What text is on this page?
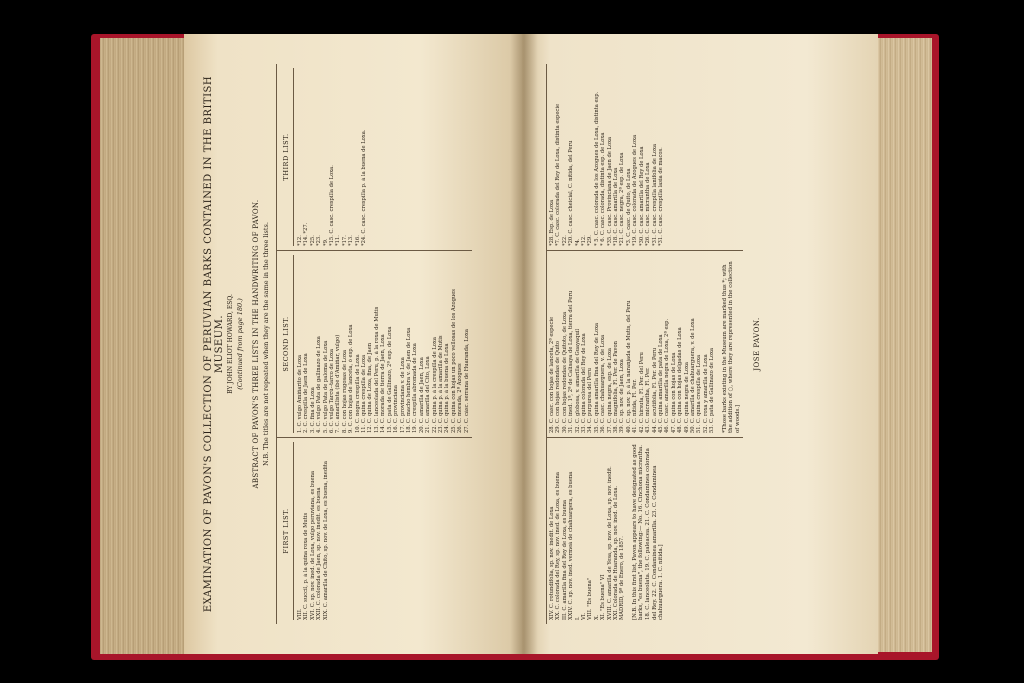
EXAMINATION OF PAVON'S COLLECTION OF PERUVIAN BARKS CONTAINED IN THE BRITISH MUSEUM. BY JOHN ELIOT HOWARD, ESQ. (Continued from page 180.) ABSTRACT OF PAVON'S THREE LISTS IN THE HANDWRITING OF PAVON. N.B. The titles are not repeated when they are the same in the three lists.
FIRST LIST.
VIII. XII. C. succil, p. á la quina roxa de Mutis XVI. C. sp. nov. ined. de Loxa, vulgo peruviana, es buena XXII. C. colorada de Jaen, sp. nov. inedit. es buena XIX. C. amarilla de Chito, sp. nov. de Loxa, es buena, inedita
SECOND LIST.
1. C. vulgo Amiñarito de Loxa 2. C. crespilla de Jaen de Loxa 3. C. fina de Loxa 4. C. vulgo Pata de gallinazo de Loxa 5. C. vulgo Pata de paloma de Loxa 6. C. vulgo Tarcú--tarco de Loxa 7. C. amarillista (ibé d'Amiñar, vulgo) 8. C. con hojas rugosas de Loxa 9. C. con hojas de lanceta, ó esp. de Loxa 10. C. negra crespilla de Loxa 11. C. quina crespilla de Loxa 12. C. quina de Loxa, fina, de Jaen 13. C. lanceolada del Peru, p. á la roxa de Mutis 14. C. morada de tierra de Jaen, Loxa 15. C. pata de Gallinazo, 2ª esp. de Loxa 16. C. provinciana 17. C. provinciana v. de Loxa 18. C. macho hembra v. de Jaen de Loxa 19. C. crespilla abromada de Loxa 20. C. amarilla de Jaen, Loxa 21. C. amarilla del Cito, Loxa 22. C. quina p. á la crespilla de Loxa 23. C. quina p. á la amarilla de Mutis 24. C. quina p. á la buena de Loxa 25. C. quina con hojas un poco vellosas de los Azogues 26. C. morada, 2ª Azogues 27. C. cásc. serrana de Huaranda, Loxa
THIRD LIST.
*12. *14. *27. *25. *23. *9. *15. C. casc. crespilla de Loxa. *11. *17. *13. *16. *24. C. casc. crespilla p. á la buena de Loxa.
XIV. C. rotundifolia, sp. nov. inedit. de Loxa XX. C. colorada del Rey, sp. nov. ined. de Loxa, es buena III. C. amarilla fina del Rey de Loxa, es buena XXIV. C. sp. nov. ined. vermeá de chahuargera, es buena I. VI. VIII. "Es buena" X. XI. "Es buena" VI XVIII. C. amarilla de Yesa, sp. nov. de Loxa, sp. nov. inedit. XXI. Colorada de Huaranda, sp. nov. ined. de Loxa. MADRID, 9ª de Enero, de 1857. [N.B. In this first list, Pavon appears to have designated as good barks, "es buena", the following:— No. 16. Cinchona micrantha. 18. C. lanceolata. 19. C. paleacea. 21. C. Condaminea colorada del Rey. 22. C. Condaminea amarilla. 23. C. Condaminea chahuarguera. 1. C. nitida.]
28. C. casc. con hojas de lanceta, 2ª especie 29. C. con hojas redondas de Quito 30. C. con hojas redondas de Quitoto, de Loxa 31. C. ined. 1ª, 2ª de Calisaya de Loxa, tierra del Peru 32. C. globosa, v. amarilla de Guayaquil 33. C. quina colorada del Rey de Loxa 34. C. purpurea del Peru 35. C. quina amarilla fina del Rey de Loxa 36. C. casc. chahuarguera, v. de Loxa 37. C. quina negra, esp. de Loxa 38. C. magnifolia, Fl. Per. de Pavon 39. C. sp. nov. de Jaen, Loxa 40. C. sp. nov. p. á la naranjada de Mutis, del Peru 41. C. nitida, Fl. Per. 42. C. hirsuta, Fl. Per. del Peru 43. C. micrantha, Fl. Per. 44. C. acutifolia, Fl. Per. de Peru 45. C. quina amarilla de pata de Loxa 46. C. casc. amarilla negra de Loxa, 2ª esp. 47. C. quina con hojas de Loxa 48. C. quina con hojas delgadas de Loxa 49. C. quina negra de Loxa 50. C. amarilla de chahuarguera, v. de Loxa 51. C. quina crespilla de Loxa 52. C. roxa y amarilla de Loxa 53. C. pata de Gallinazo de Loxa *Those barks existing in the Museum are marked thus *; with the addition of ○, where they are represented in the collection of woods.]
*28. Esp. de Loxa *7. C. casc. colorada del Rey de Loxa, distinta especie *22. *20. C. casc. cheicial, C. nitida, del Peru *4. *12. *29. * 5. C. casc. colorada de los Azogues de Loxa, distinta esp. * 6. C. casc. colorada, distinta esp. de Loxa *35. C. casc. Provinciana de Jaen de Loxa *18. C. casc. amarilla de Loxa *21. C. casc. negra, 2ª esp. de Loxa *3. C. casc. de Quito, de Loxa *19. C. casc. colorada de Azogues de Loxa *30. C. casc. amarilla del Rey de Loxa *26. C. casc. micrantha de Loxa *31. C. casc. crespilla lanifolia de Loxa *31. C. casc. crespilla lasia de macos.
JOSE PAVON.
